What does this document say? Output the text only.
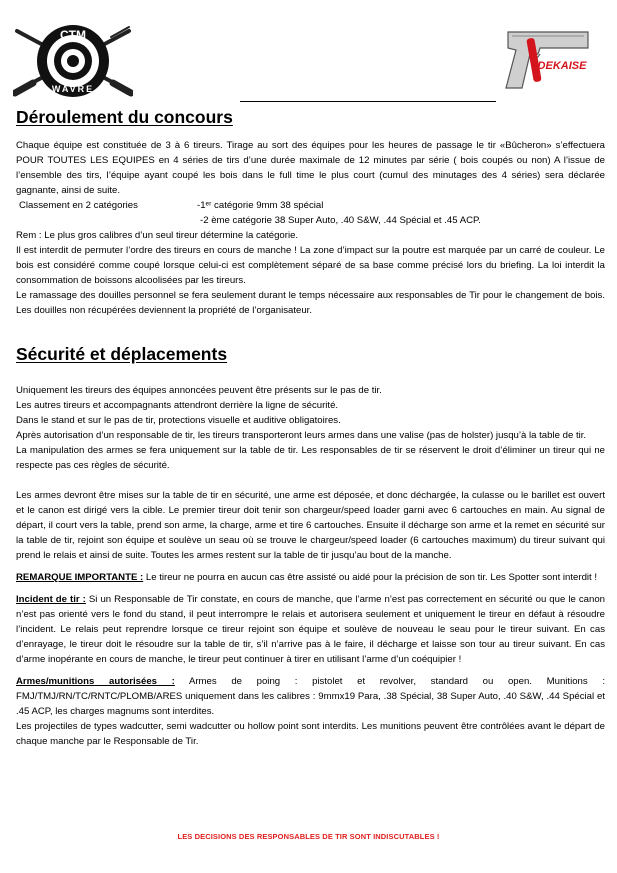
CTM
WAVRE
DEKAISE
Déroulement du concours

Chaque équipe est constituée de 3 à 6 tireurs. Tirage au sort des équipes pour les heures de passage le tir «Bûcheron» s’effectuera POUR TOUTES LES EQUIPES en 4 séries de tirs d’une durée maximale de 12 minutes par série ( bois coupés ou non) A l’issue de l’ensemble des tirs, l’équipe ayant coupé les bois dans le full time le plus court (cumul des minutages des 4 séries) sera déclarée gagnante, ainsi de suite.

Classement en 2 catégories	-1ᵉʳ catégorie 9mm 38 spécial
-2 ème catégorie 38 Super Auto, .40 S&W, .44 Spécial et .45 ACP.

Rem : Le plus gros calibres d’un seul tireur détermine la catégorie.

Il est interdit de permuter l’ordre des tireurs en cours de manche ! La zone d’impact sur la poutre est marquée par un carré de couleur. Le bois est considéré comme coupé lorsque celui-ci est complètement séparé de sa base comme précisé lors du briefing. La loi interdit la consommation de boissons alcoolisées par les tireurs.

Le ramassage des douilles personnel se fera seulement durant le temps nécessaire aux responsables de Tir pour le changement de bois. Les douilles non récupérées deviennent la propriété de l’organisateur.

Sécurité et déplacements

Uniquement les tireurs des équipes annoncées peuvent être présents sur le pas de tir.

Les autres tireurs et accompagnants attendront derrière la ligne de sécurité.

Dans le stand et sur le pas de tir, protections visuelle et auditive obligatoires.

Après autorisation d’un responsable de tir, les tireurs transporteront leurs armes dans une valise (pas de holster) jusqu’à la table de tir.

La manipulation des armes se fera uniquement sur la table de tir. Les responsables de tir se réservent le droit d’éliminer un tireur qui ne respecte pas ces règles de sécurité.

Les armes devront être mises sur la table de tir en sécurité, une arme est déposée, et donc déchargée, la culasse ou le barillet est ouvert et le canon est dirigé vers la cible. Le premier tireur doit tenir son chargeur/speed loader garni avec 6 cartouches en main. Au signal de départ, il court vers la table, prend son arme, la charge, arme et tire 6 cartouches. Ensuite il décharge son arme et la remet en sécurité sur la table de tir, rejoint son équipe et soulève un seau où se trouve le chargeur/speed loader (6 cartouches maximum) du tireur suivant qui prend le relais et ainsi de suite. Toutes les armes restent sur la table de tir jusqu’au bout de la manche.

REMARQUE IMPORTANTE : Le tireur ne pourra en aucun cas être assisté ou aidé pour la précision de son tir. Les Spotter sont interdit !

Incident de tir : Si un Responsable de Tir constate, en cours de manche, que l’arme n’est pas correctement en sécurité ou que le canon n’est pas orienté vers le fond du stand, il peut interrompre le relais et autorisera seulement et uniquement le tireur en défaut à résoudre l’incident. Le relais peut reprendre lorsque ce tireur rejoint son équipe et soulève de nouveau le seau pour le tireur suivant. En cas d’enrayage, le tireur doit le résoudre sur la table de tir, s’il n’arrive pas à le faire, il décharge et laisse son tour au tireur suivant. En cas d’arme inopérante en cours de manche, le tireur peut continuer à tirer en utilisant l’arme d’un coéquipier !

Armes/munitions autorisées : Armes de poing : pistolet et revolver, standard ou open. Munitions : FMJ/TMJ/RN/TC/RNTC/PLOMB/ARES uniquement dans les calibres : 9mmx19 Para, .38 Spécial, 38 Super Auto, .40 S&W, .44 Spécial et .45 ACP, les charges magnums sont interdites.

Les projectiles de types wadcutter, semi wadcutter ou hollow point sont interdits. Les munitions peuvent être contrôlées avant le départ de chaque manche par le Responsable de Tir.

LES DECISIONS DES RESPONSABLES DE TIR SONT INDISCUTABLES !
